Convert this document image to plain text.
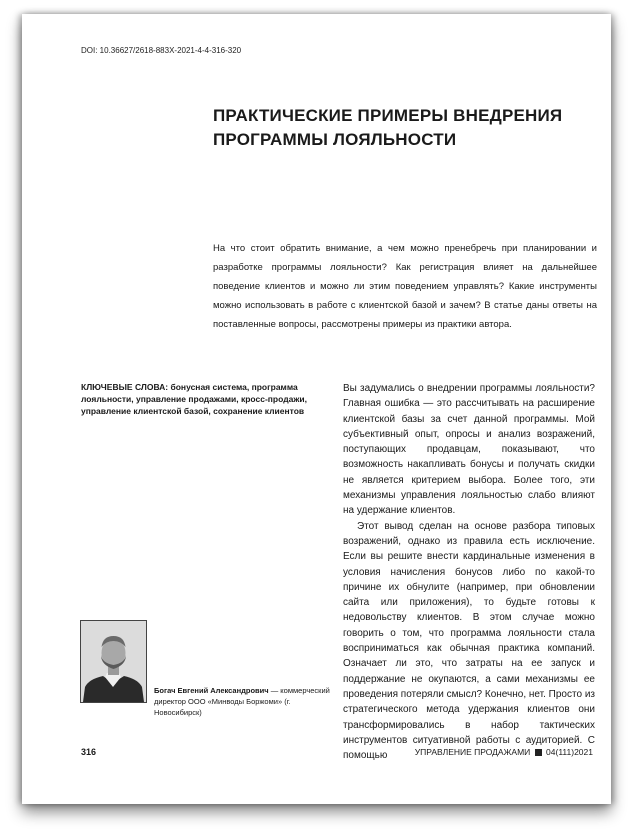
DOI: 10.36627/2618-883X-2021-4-4-316-320
ПРАКТИЧЕСКИЕ ПРИМЕРЫ ВНЕДРЕНИЯ
ПРОГРАММЫ ЛОЯЛЬНОСТИ

На что стоит обратить внимание, а чем можно пренебречь при планировании и разработке программы лояльности? Как регистрация влияет на дальнейшее поведение клиентов и можно ли этим поведением управлять? Какие инструменты можно использовать в работе с клиентской базой и зачем? В статье даны ответы на поставленные вопросы, рассмотрены примеры из практики автора.

КЛЮЧЕВЫЕ СЛОВА: бонусная система, программа лояльности, управление продажами, кросс-продажи, управление клиентской базой, сохранение клиентов

Вы задумались о внедрении программы лояльности? Главная ошибка — это рассчитывать на расширение клиентской базы за счет данной программы. Мой субъективный опыт, опросы и анализ возражений, поступающих продавцам, показывают, что возможность накапливать бонусы и получать скидки не является критерием выбора. Более того, эти механизмы управления лояльностью слабо влияют на удержание клиентов.

Этот вывод сделан на основе разбора типовых возражений, однако из правила есть исключение. Если вы решите внести кардинальные изменения в условия начисления бонусов либо по какой-то причине их обнулите (например, при обновлении сайта или приложения), то будьте готовы к недовольству клиентов. В этом случае можно говорить о том, что программа лояльности стала восприниматься как обычная практика компаний. Означает ли это, что затраты на ее запуск и поддержание не окупаются, а сами механизмы ее проведения потеряли смысл? Конечно, нет. Просто из стратегического метода удержания клиентов они трансформировались в набор тактических инструментов ситуативной работы с аудиторией. С помощью

Богач Евгений Александрович — коммерческий директор ООО «Минводы Боржоми» (г. Новосибирск)
316	УПРАВЛЕНИЕ ПРОДАЖАМИ 04(111)2021
